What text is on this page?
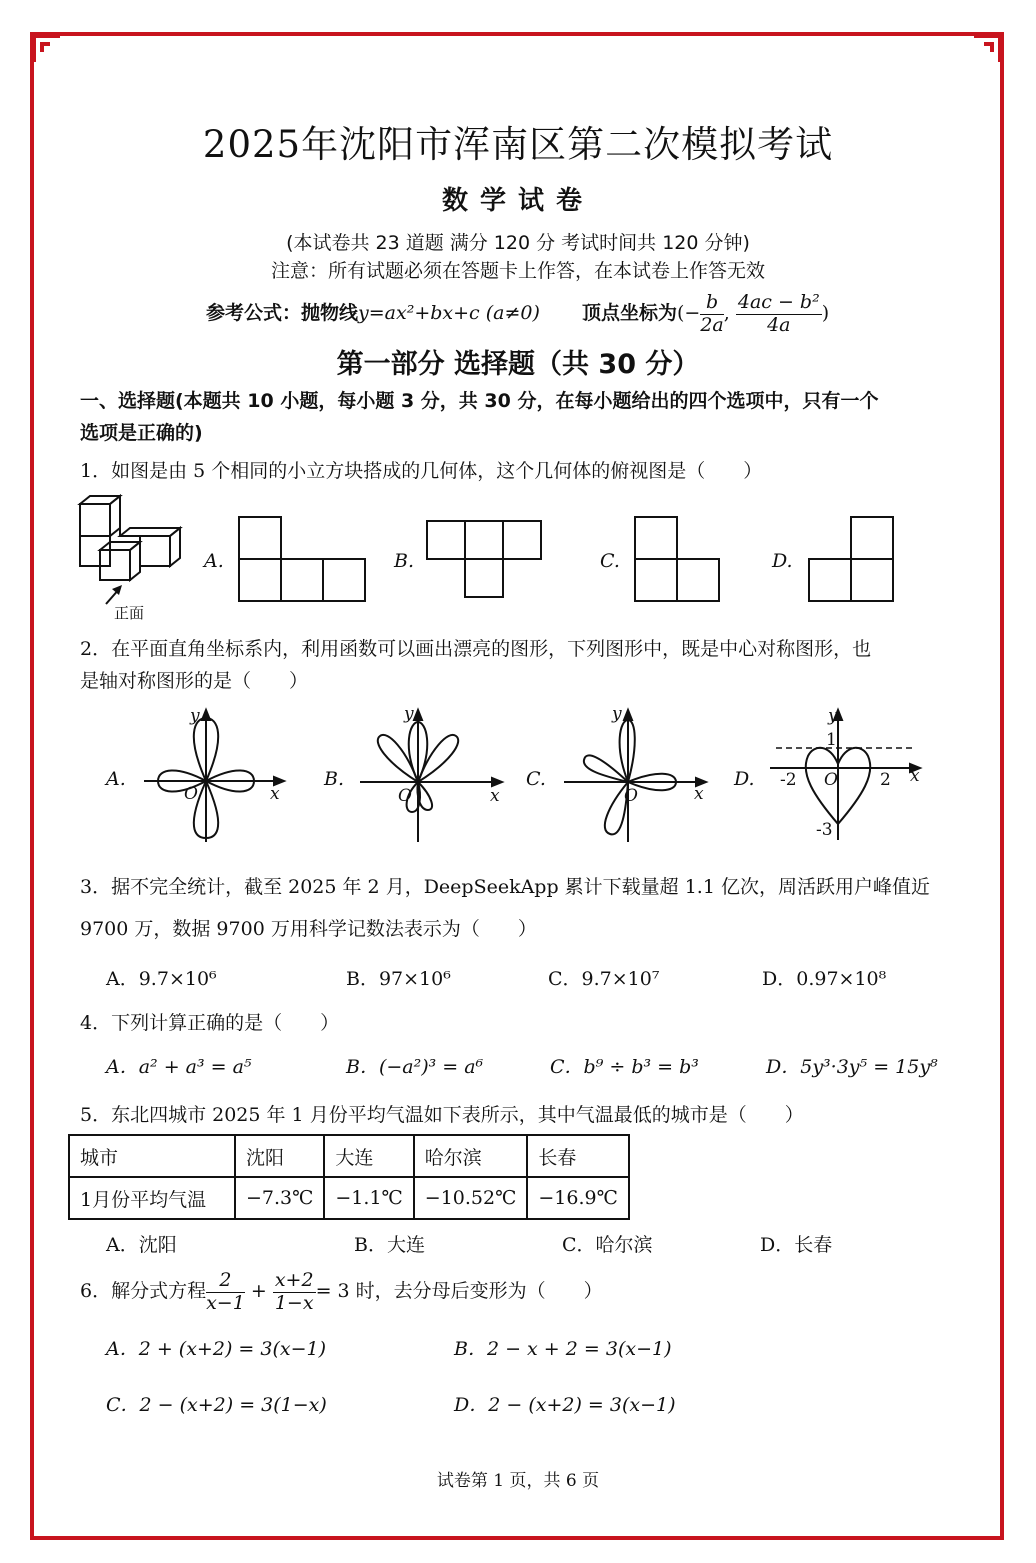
2025年沈阳市浑南区第二次模拟考试
数学试卷
(本试卷共 23 道题 满分 120 分 考试时间共 120 分钟)
注意：所有试题必须在答题卡上作答，在本试卷上作答无效
参考公式：抛物线y=ax²+bx+c (a≠0) 顶点坐标为(− $\frac{b}{2a}$ , $\frac{\text{4ac − b²}}{4a}$ )
第一部分 选择题（共 30 分）
一、选择题(本题共 10 小题，每小题 3 分，共 30 分，在每小题给出的四个选项中，只有一个
选项是正确的)
1．如图是由 5 个相同的小立方块搭成的几何体，这个几何体的俯视图是（　　）
正面
A.	B.	C.	D.
2．在平面直角坐标系内，利用函数可以画出漂亮的图形，下列图形中，既是中心对称图形，也
是轴对称图形的是（　　）
A.
O	x
y
B.
O	x
y
C.
O	x
y
D. -2 O 2
1
-3
x
y
3．据不完全统计，截至 2025 年 2 月，DeepSeekApp 累计下载量超 1.1 亿次，周活跃用户峰值近
9700 万，数据 9700 万用科学记数法表示为（　　）
A．9.7×10⁶	B．97×10⁶	C．9.7×10⁷	D．0.97×10⁸
4．下列计算正确的是（　　）
A．a² + a³ = a⁵	B．(−a²)³ = a⁶	C．b⁹ ÷ b³ = b³	D．5y³·3y⁵ = 15y⁸
5．东北四城市 2025 年 1 月份平均气温如下表所示，其中气温最低的城市是（　　）
城市	沈阳	大连	哈尔滨	长春
1月份平均气温	−7.3℃	−1.1℃	−10.52℃	−16.9℃
A．沈阳	B．大连	C．哈尔滨	D．长春
6．解分式方程 $\frac{2}{x-1} + \frac{x+2}{1-x} = 3$ 时，去分母后变形为（　　）
A．2 + (x+2) = 3(x−1)	B．2 − x + 2 = 3(x−1)
C．2 − (x+2) = 3(1−x)	D．2 − (x+2) = 3(x−1)
试卷第 1 页，共 6 页
